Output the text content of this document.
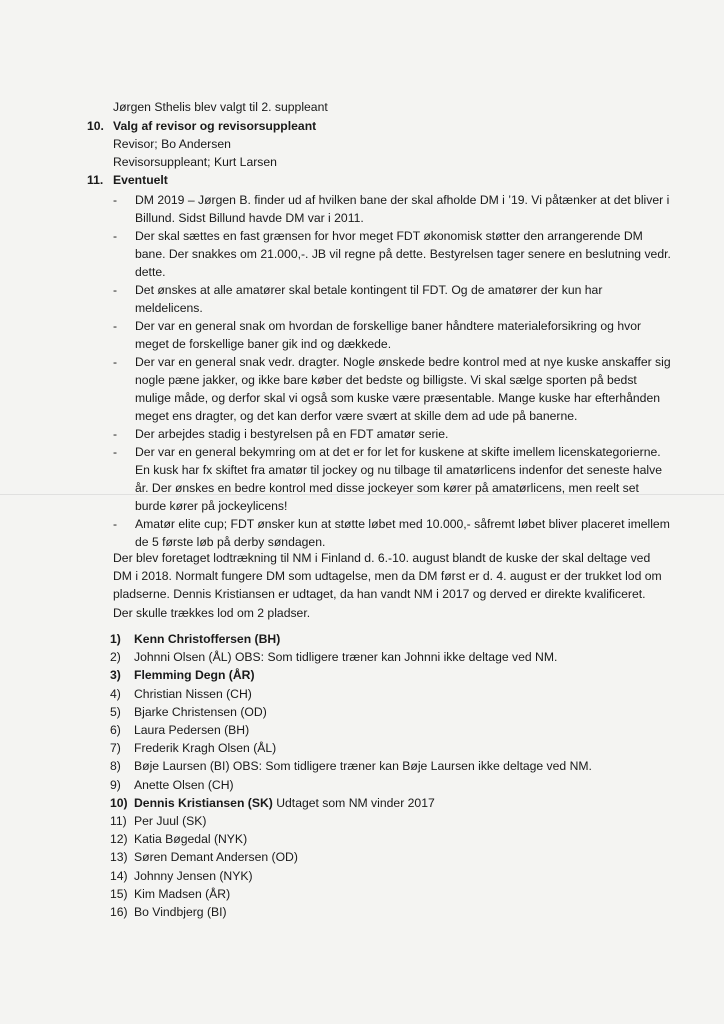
Jørgen Sthelis blev valgt til 2. suppleant
10. Valg af revisor og revisorsuppleant
Revisor; Bo Andersen
Revisorsuppleant; Kurt Larsen
11. Eventuelt
- DM 2019 – Jørgen B. finder ud af hvilken bane der skal afholde DM i ’19. Vi påtænker at det bliver i Billund. Sidst Billund havde DM var i 2011.
- Der skal sættes en fast grænsen for hvor meget FDT økonomisk støtter den arrangerende DM bane. Der snakkes om 21.000,-. JB vil regne på dette. Bestyrelsen tager senere en beslutning vedr. dette.
- Det ønskes at alle amatører skal betale kontingent til FDT. Og de amatører der kun har meldelicens.
- Der var en general snak om hvordan de forskellige baner håndtere materialeforsikring og hvor meget de forskellige baner gik ind og dækkede.
- Der var en general snak vedr. dragter. Nogle ønskede bedre kontrol med at nye kuske anskaffer sig nogle pæne jakker, og ikke bare køber det bedste og billigste. Vi skal sælge sporten på bedst mulige måde, og derfor skal vi også som kuske være præsentable. Mange kuske har efterhånden meget ens dragter, og det kan derfor være svært at skille dem ad ude på banerne.
- Der arbejdes stadig i bestyrelsen på en FDT amatør serie.
- Der var en general bekymring om at det er for let for kuskene at skifte imellem licenskategorierne. En kusk har fx skiftet fra amatør til jockey og nu tilbage til amatørlicens indenfor det seneste halve år. Der ønskes en bedre kontrol med disse jockeyer som kører på amatørlicens, men reelt set burde kører på jockeylicens!
- Amatør elite cup; FDT ønsker kun at støtte løbet med 10.000,- såfremt løbet bliver placeret imellem de 5 første løb på derby søndagen.
Der blev foretaget lodtrækning til NM i Finland d. 6.-10. august blandt de kuske der skal deltage ved DM i 2018. Normalt fungere DM som udtagelse, men da DM først er d. 4. august er der trukket lod om pladserne. Dennis Kristiansen er udtaget, da han vandt NM i 2017 og derved er direkte kvalificeret. Der skulle trækkes lod om 2 pladser.
1) Kenn Christoffersen (BH)
2) Johnni Olsen (ÅL) OBS: Som tidligere træner kan Johnni ikke deltage ved NM.
3) Flemming Degn (ÅR)
4) Christian Nissen (CH)
5) Bjarke Christensen (OD)
6) Laura Pedersen (BH)
7) Frederik Kragh Olsen (ÅL)
8) Bøje Laursen (BI) OBS: Som tidligere træner kan Bøje Laursen ikke deltage ved NM.
9) Anette Olsen (CH)
10) Dennis Kristiansen (SK) Udtaget som NM vinder 2017
11) Per Juul (SK)
12) Katia Bøgedal (NYK)
13) Søren Demant Andersen (OD)
14) Johnny Jensen (NYK)
15) Kim Madsen (ÅR)
16) Bo Vindbjerg (BI)
